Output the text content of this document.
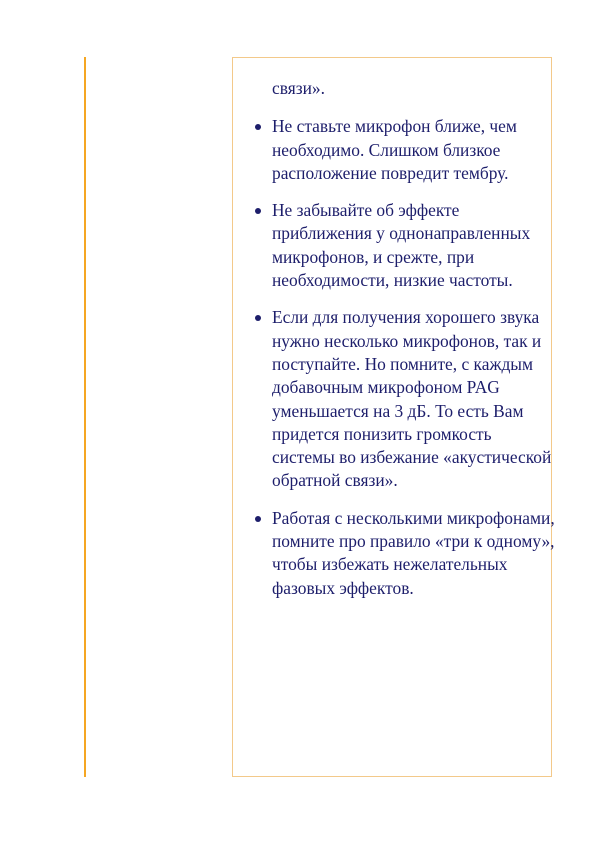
связи».

Не ставьте микрофон ближе, чем необходимо. Слишком близкое расположение повредит тембру.
Не забывайте об эффекте приближения у однонаправленных микрофонов, и срежте, при необходимости, низкие частоты.
Если для получения хорошего звука нужно несколько микрофонов, так и поступайте. Но помните, с каждым добавочным микрофоном PAG уменьшается на 3 дБ. То есть Вам придется понизить громкость системы во избежание «акустической обратной связи».
Работая с несколькими микрофонами, помните про правило «три к одному», чтобы избежать нежелательных фазовых эффектов.
